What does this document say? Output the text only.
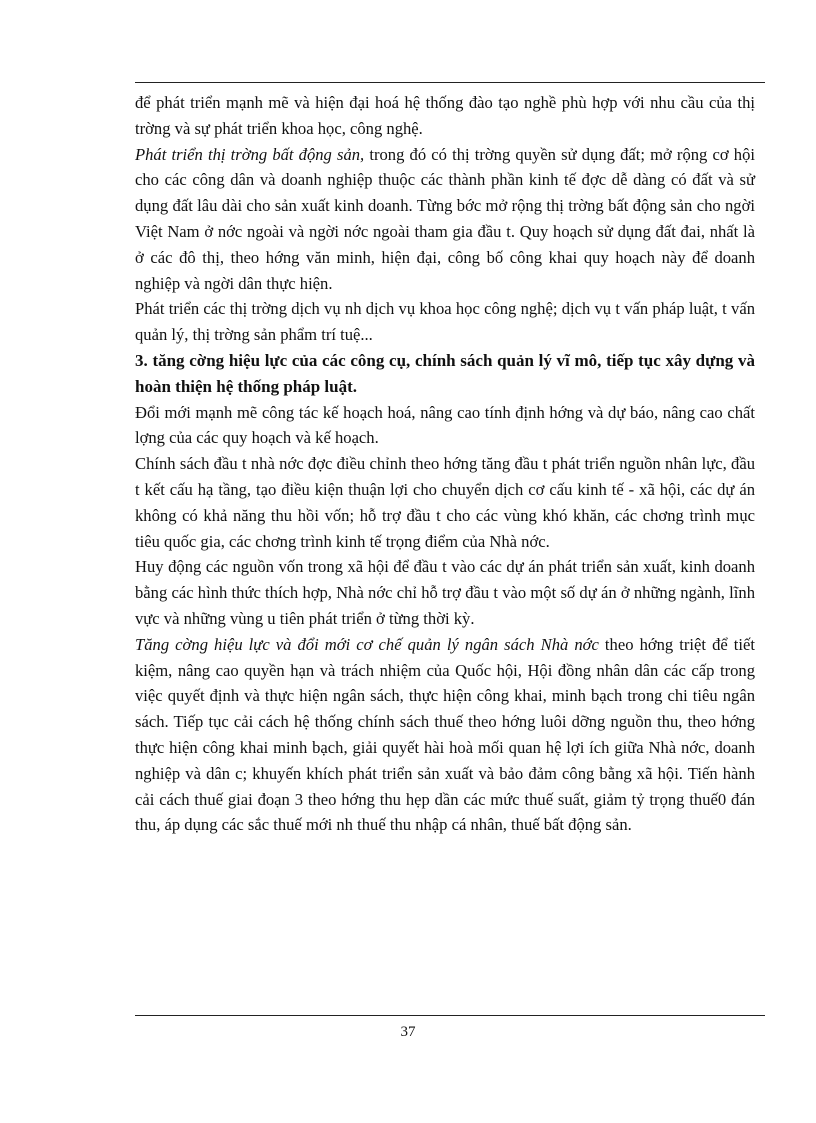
để phát triển mạnh mẽ và hiện đại hoá hệ thống đào tạo nghề phù hợp với nhu cầu của thị trờng và sự phát triển khoa học, công nghệ.

Phát triển thị trờng bất động sản, trong đó có thị trờng quyền sử dụng đất; mở rộng cơ hội cho các công dân và doanh nghiệp thuộc các thành phần kinh tế đợc dễ dàng có đất và sử dụng đất lâu dài cho sản xuất kinh doanh. Từng bớc mở rộng thị trờng bất động sản cho ngời Việt Nam ở nớc ngoài và ngời nớc ngoài tham gia đầu t. Quy hoạch sử dụng đất đai, nhất là ở các đô thị, theo hớng văn minh, hiện đại, công bố công khai quy hoạch này để doanh nghiệp và ngời dân thực hiện.

Phát triển các thị trờng dịch vụ nh dịch vụ khoa học công nghệ; dịch vụ t vấn pháp luật, t vấn quản lý, thị trờng sản phẩm trí tuệ...

3. tăng cờng hiệu lực của các công cụ, chính sách quản lý vĩ mô, tiếp tục xây dựng và hoàn thiện hệ thống pháp luật.

Đổi mới mạnh mẽ công tác kế hoạch hoá, nâng cao tính định hớng và dự báo, nâng cao chất lợng của các quy hoạch và kế hoạch.

Chính sách đầu t nhà nớc đợc điều chỉnh theo hớng tăng đầu t phát triển nguồn nhân lực, đầu t kết cấu hạ tầng, tạo điều kiện thuận lợi cho chuyển dịch cơ cấu kinh tế - xã hội, các dự án không có khả năng thu hồi vốn; hỗ trợ đầu t cho các vùng khó khăn, các chơng trình mục tiêu quốc gia, các chơng trình kinh tế trọng điểm của Nhà nớc.

Huy động các nguồn vốn trong xã hội để đầu t vào các dự án phát triển sản xuất, kinh doanh bằng các hình thức thích hợp, Nhà nớc chỉ hỗ trợ đầu t vào một số dự án ở những ngành, lĩnh vực và những vùng u tiên phát triển ở từng thời kỳ.

Tăng cờng hiệu lực và đổi mới cơ chế quản lý ngân sách Nhà nớc theo hớng triệt để tiết kiệm, nâng cao quyền hạn và trách nhiệm của Quốc hội, Hội đồng nhân dân các cấp trong việc quyết định và thực hiện ngân sách, thực hiện công khai, minh bạch trong chi tiêu ngân sách. Tiếp tục cải cách hệ thống chính sách thuế theo hớng luôi dỡng nguồn thu, theo hớng thực hiện công khai minh bạch, giải quyết hài hoà mối quan hệ lợi ích giữa Nhà nớc, doanh nghiệp và dân c; khuyến khích phát triển sản xuất và bảo đảm công bằng xã hội. Tiến hành cải cách thuế giai đoạn 3 theo hớng thu hẹp dần các mức thuế suất, giảm tỷ trọng thuế0 đán thu, áp dụng các sắc thuế mới nh thuế thu nhập cá nhân, thuế bất động sản.

37
